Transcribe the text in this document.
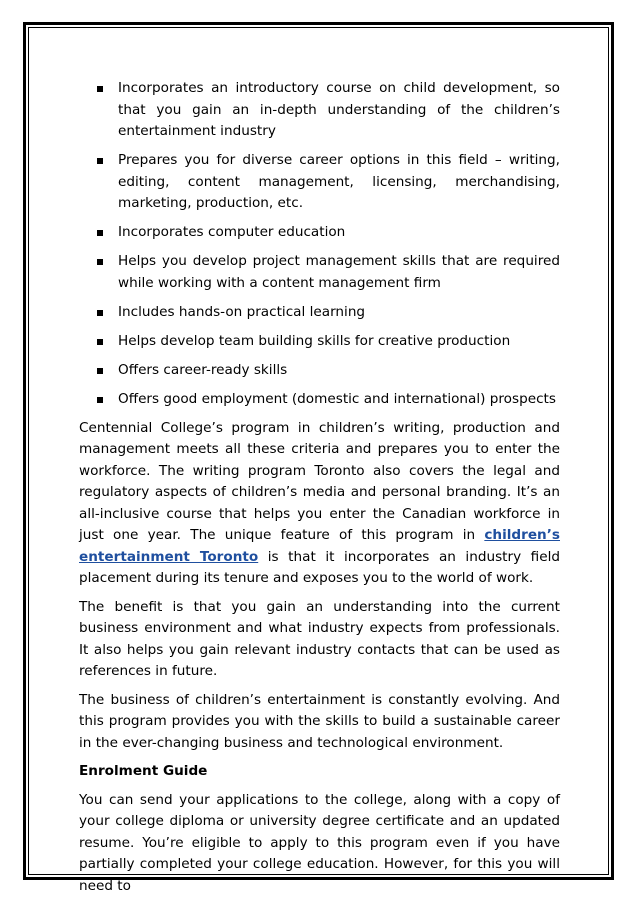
Incorporates an introductory course on child development, so that you gain an in-depth understanding of the children’s entertainment industry
Prepares you for diverse career options in this field – writing, editing, content management, licensing, merchandising, marketing, production, etc.
Incorporates computer education
Helps you develop project management skills that are required while working with a content management firm
Includes hands-on practical learning
Helps develop team building skills for creative production
Offers career-ready skills
Offers good employment (domestic and international) prospects

Centennial College’s program in children’s writing, production and management meets all these criteria and prepares you to enter the workforce. The writing program Toronto also covers the legal and regulatory aspects of children’s media and personal branding. It’s an all-inclusive course that helps you enter the Canadian workforce in just one year. The unique feature of this program in children’s entertainment Toronto is that it incorporates an industry field placement during its tenure and exposes you to the world of work.

The benefit is that you gain an understanding into the current business environment and what industry expects from professionals. It also helps you gain relevant industry contacts that can be used as references in future.

The business of children’s entertainment is constantly evolving. And this program provides you with the skills to build a sustainable career in the ever-changing business and technological environment.

Enrolment Guide

You can send your applications to the college, along with a copy of your college diploma or university degree certificate and an updated resume. You’re eligible to apply to this program even if you have partially completed your college education. However, for this you will need to
